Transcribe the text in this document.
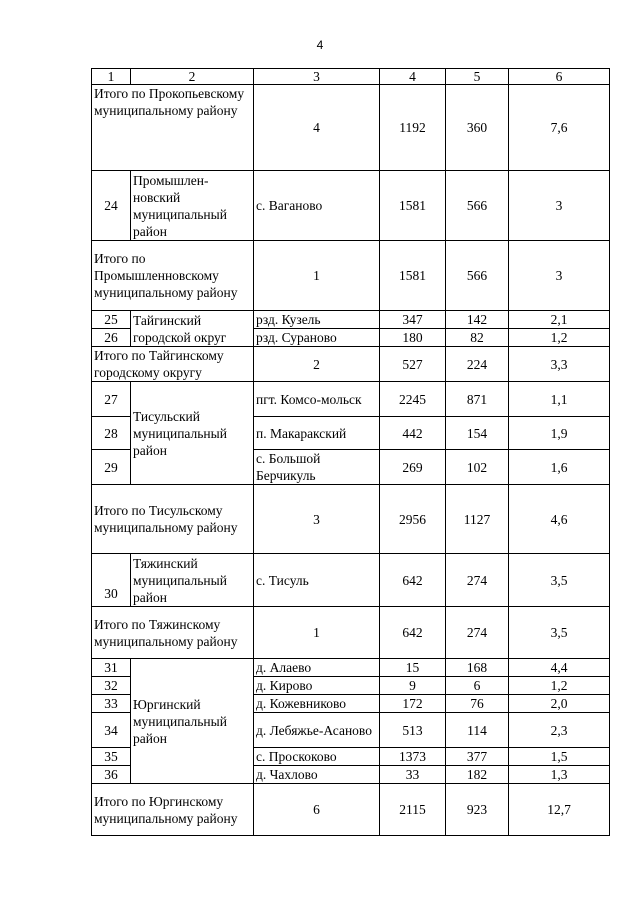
4
1	2	3	4	5	6
Итого по Прокопьевскому муниципальному району		4	1192	360	7,6
24	Промышлен-новский муниципальный район	с. Ваганово	1581	566	3
Итого по Промышленновскому муниципальному району		1	1581	566	3
25	Тайгинский городской округ	рзд. Кузель	347	142	2,1
26		рзд. Сураново	180	82	1,2
Итого по Тайгинскому городскому округу		2	527	224	3,3
27	Тисульский муниципальный район	пгт. Комсо-мольск	2245	871	1,1
28		п. Макаракский	442	154	1,9
29		с. Большой Берчикуль	269	102	1,6
Итого по Тисульскому муниципальному району		3	2956	1127	4,6
30	Тяжинский муниципальный район	с. Тисуль	642	274	3,5
Итого по Тяжинскому муниципальному району		1	642	274	3,5
31	Юргинский муниципальный район	д. Алаево	15	168	4,4
32		д. Кирово	9	6	1,2
33		д. Кожевниково	172	76	2,0
34		д. Лебяжье-Асаново	513	114	2,3
35		с. Проскоково	1373	377	1,5
36		д. Чахлово	33	182	1,3
Итого по Юргинскому муниципальному району		6	2115	923	12,7
